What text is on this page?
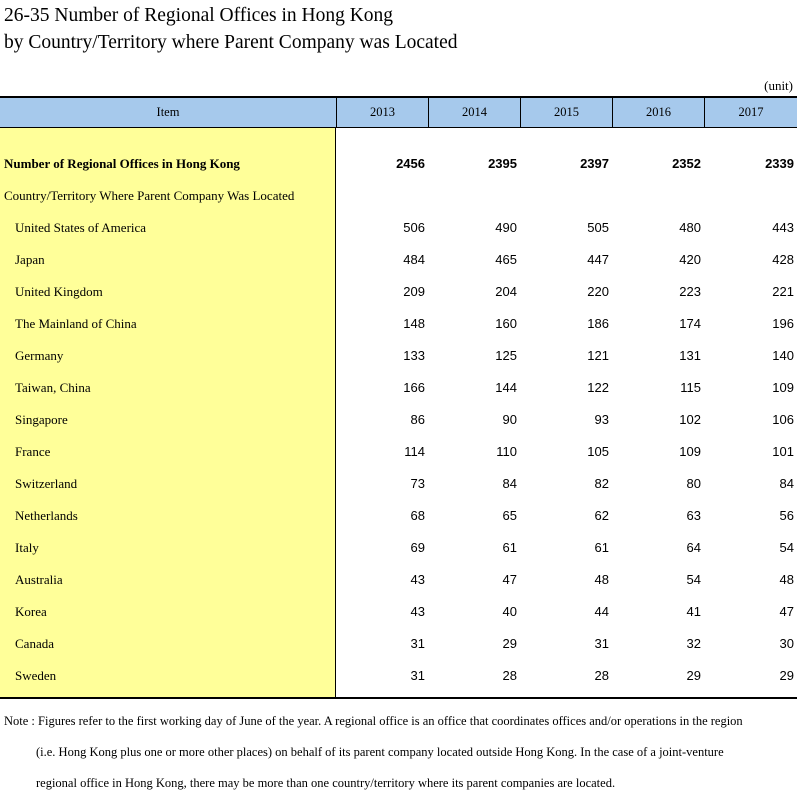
26-35 Number of Regional Offices in Hong Kong
by Country/Territory where Parent Company was Located
(unit)
Item	2013	2014	2015	2016	2017
Number of Regional Offices in Hong Kong	2456	2395	2397	2352	2339
Country/Territory Where Parent Company Was Located
United States of America	506	490	505	480	443
Japan	484	465	447	420	428
United Kingdom	209	204	220	223	221
The Mainland of China	148	160	186	174	196
Germany	133	125	121	131	140
Taiwan, China	166	144	122	115	109
Singapore	86	90	93	102	106
France	114	110	105	109	101
Switzerland	73	84	82	80	84
Netherlands	68	65	62	63	56
Italy	69	61	61	64	54
Australia	43	47	48	54	48
Korea	43	40	44	41	47
Canada	31	29	31	32	30
Sweden	31	28	28	29	29

Note : Figures refer to the first working day of June of the year. A regional office is an office that coordinates offices and/or operations in the region

(i.e. Hong Kong plus one or more other places) on behalf of its parent company located outside Hong Kong. In the case of a joint-venture

regional office in Hong Kong, there may be more than one country/territory where its parent companies are located.
